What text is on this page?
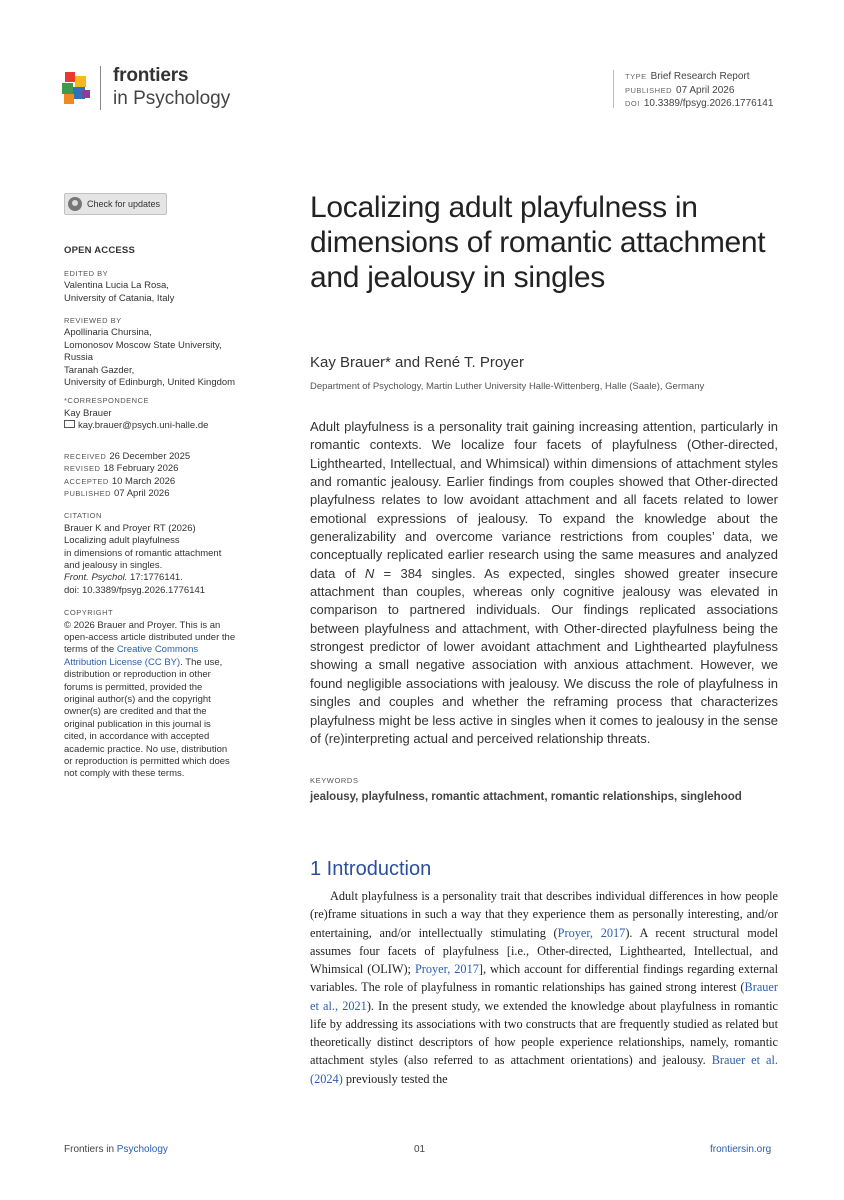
frontiers
in Psychology
TYPE Brief Research Report
PUBLISHED 07 April 2026
DOI 10.3389/fpsyg.2026.1776141
Check for updates
OPEN ACCESS
EDITED BY
Valentina Lucia La Rosa,
University of Catania, Italy
REVIEWED BY
Apollinaria Chursina,
Lomonosov Moscow State University,
Russia
Taranah Gazder,
University of Edinburgh, United Kingdom
*CORRESPONDENCE
Kay Brauer
kay.brauer@psych.uni-halle.de
RECEIVED 26 December 2025
REVISED 18 February 2026
ACCEPTED 10 March 2026
PUBLISHED 07 April 2026
CITATION
Brauer K and Proyer RT (2026)
Localizing adult playfulness
in dimensions of romantic attachment
and jealousy in singles.
Front. Psychol. 17:1776141.
doi: 10.3389/fpsyg.2026.1776141
COPYRIGHT
© 2026 Brauer and Proyer. This is an
open-access article distributed under the
terms of the Creative Commons
Attribution License (CC BY). The use,
distribution or reproduction in other
forums is permitted, provided the
original author(s) and the copyright
owner(s) are credited and that the
original publication in this journal is
cited, in accordance with accepted
academic practice. No use, distribution
or reproduction is permitted which does
not comply with these terms.
Localizing adult playfulness in dimensions of romantic attachment and jealousy in singles
Kay Brauer* and René T. Proyer
Department of Psychology, Martin Luther University Halle-Wittenberg, Halle (Saale), Germany
Adult playfulness is a personality trait gaining increasing attention, particularly in romantic contexts. We localize four facets of playfulness (Other-directed, Lighthearted, Intellectual, and Whimsical) within dimensions of attachment styles and romantic jealousy. Earlier findings from couples showed that Other-directed playfulness relates to low avoidant attachment and all facets related to lower emotional expressions of jealousy. To expand the knowledge about the generalizability and overcome variance restrictions from couples’ data, we conceptually replicated earlier research using the same measures and analyzed data of N = 384 singles. As expected, singles showed greater insecure attachment than couples, whereas only cognitive jealousy was elevated in comparison to partnered individuals. Our findings replicated associations between playfulness and attachment, with Other-directed playfulness being the strongest predictor of lower avoidant attachment and Lighthearted playfulness showing a small negative association with anxious attachment. However, we found negligible associations with jealousy. We discuss the role of playfulness in singles and couples and whether the reframing process that characterizes playfulness might be less active in singles when it comes to jealousy in the sense of (re)interpreting actual and perceived relationship threats.
KEYWORDS
jealousy, playfulness, romantic attachment, romantic relationships, singlehood
1 Introduction
Adult playfulness is a personality trait that describes individual differences in how people (re)frame situations in such a way that they experience them as personally interesting, and/or entertaining, and/or intellectually stimulating (Proyer, 2017). A recent structural model assumes four facets of playfulness [i.e., Other-directed, Lighthearted, Intellectual, and Whimsical (OLIW); Proyer, 2017], which account for differential findings regarding external variables. The role of playfulness in romantic relationships has gained strong interest (Brauer et al., 2021). In the present study, we extended the knowledge about playfulness in romantic life by addressing its associations with two constructs that are frequently studied as related but theoretically distinct descriptors of how people experience relationships, namely, romantic attachment styles (also referred to as attachment orientations) and jealousy. Brauer et al. (2024) previously tested the
Frontiers in Psychology	01	frontiersin.org
